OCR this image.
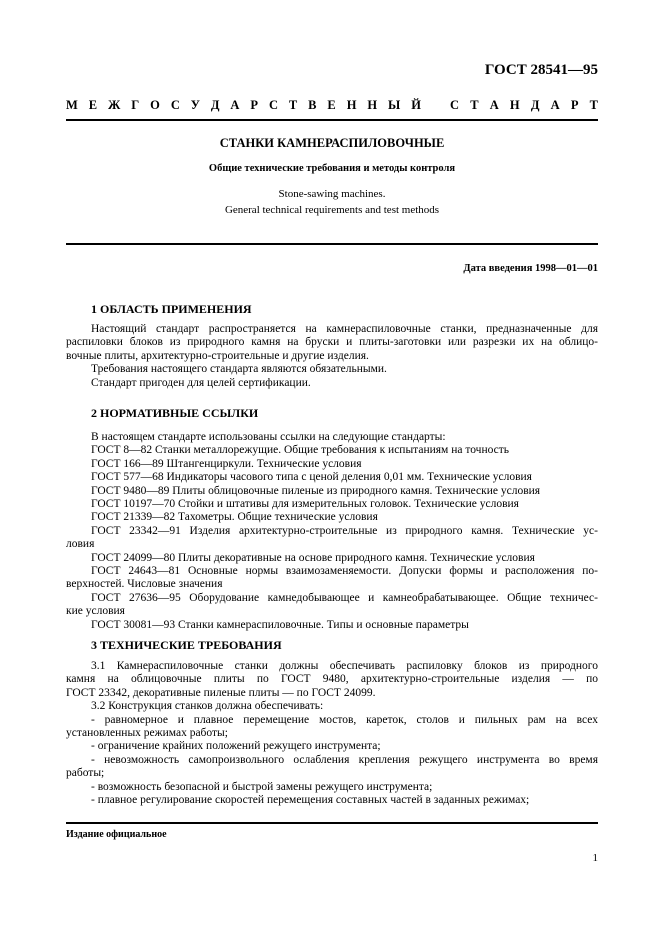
ГОСТ 28541—95
М Е Ж Г О С У Д А Р С Т В Е Н Н Ы Й С Т А Н Д А Р Т
СТАНКИ КАМНЕРАСПИЛОВОЧНЫЕ
Общие технические требования и методы контроля
Stone-sawing machines.
General technical requirements and test methods
Дата введения 1998—01—01
1 ОБЛАСТЬ ПРИМЕНЕНИЯ
Настоящий стандарт распространяется на камнераспиловочные станки, предназначенные для
распиловки блоков из природного камня на бруски и плиты-заготовки или разрезки их на облицо-
вочные плиты, архитектурно-строительные и другие изделия.
Требования настоящего стандарта являются обязательными.
Стандарт пригоден для целей сертификации.
2 НОРМАТИВНЫЕ ССЫЛКИ
В настоящем стандарте использованы ссылки на следующие стандарты:
ГОСТ 8—82 Станки металлорежущие. Общие требования к испытаниям на точность
ГОСТ 166—89 Штангенциркули. Технические условия
ГОСТ 577—68 Индикаторы часового типа с ценой деления 0,01 мм. Технические условия
ГОСТ 9480—89 Плиты облицовочные пиленые из природного камня. Технические условия
ГОСТ 10197—70 Стойки и штативы для измерительных головок. Технические условия
ГОСТ 21339—82 Тахометры. Общие технические условия
ГОСТ 23342—91 Изделия архитектурно-строительные из природного камня. Технические ус-
ловия
ГОСТ 24099—80 Плиты декоративные на основе природного камня. Технические условия
ГОСТ 24643—81 Основные нормы взаимозаменяемости. Допуски формы и расположения по-
верхностей. Числовые значения
ГОСТ 27636—95 Оборудование камнедобывающее и камнеобрабатывающее. Общие техничес-
кие условия
ГОСТ 30081—93 Станки камнераспиловочные. Типы и основные параметры
3 ТЕХНИЧЕСКИЕ ТРЕБОВАНИЯ
3.1 Камнераспиловочные станки должны обеспечивать распиловку блоков из природного
камня на облицовочные плиты по ГОСТ 9480, архитектурно-строительные изделия — по
ГОСТ 23342, декоративные пиленые плиты — по ГОСТ 24099.
3.2 Конструкция станков должна обеспечивать:
- равномерное и плавное перемещение мостов, кареток, столов и пильных рам на всех
установленных режимах работы;
- ограничение крайних положений режущего инструмента;
- невозможность самопроизвольного ослабления крепления режущего инструмента во время
работы;
- возможность безопасной и быстрой замены режущего инструмента;
- плавное регулирование скоростей перемещения составных частей в заданных режимах;
Издание официальное
1
